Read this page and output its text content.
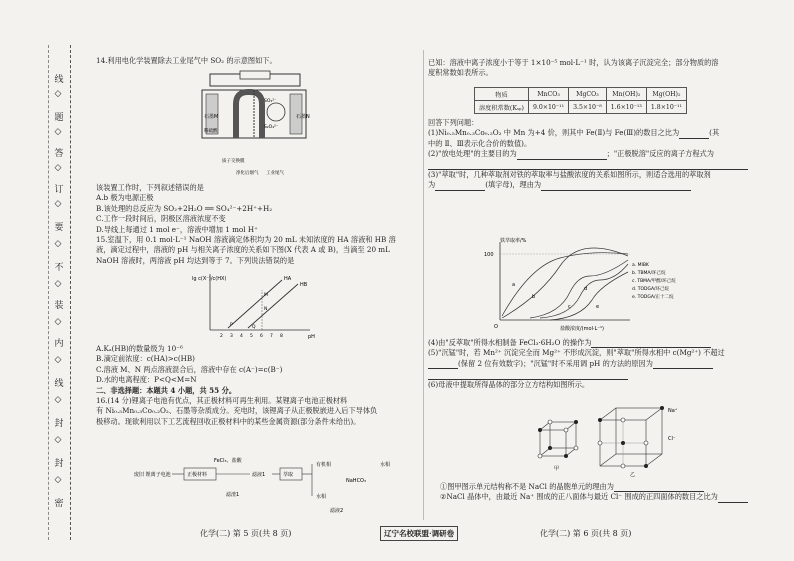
线
◇
题
◇
答
◇
订
◇
要
◇
不
◇
装
◇
内
◇
线
◇
封
◇
封
◇
密

14.利用电化学装置除去工业尾气中 SO₂ 的示意图如下。

石墨M	石墨N
稀硫酸
SO₃²⁻
S₂O₄²⁻
质子交换膜
净化后烟气 工业尾气

该装置工作时，下列叙述错误的是

A.b 极为电源正极

B.该处理的总反应为 SO₂+2H₂O ══ SO₄²⁻+2H⁺+H₂

C.工作一段时间后，阴极区溶液浓度不变

D.导线上每通过 1 mol e⁻，溶液中增加 1 mol H⁺

15.室温下，用 0.1 mol·L⁻¹ NaOH 溶液滴定体积均为 20 mL 未知浓度的 HA 溶液和 HB 溶

液，滴定过程中，溶液的 pH 与相关离子浓度的关系如下图(X 代表 A 或 B)，当滴至 20 mL

NaOH 溶液时，两溶液 pH 均达到等于 7。下列说法错误的是

lg c(X⁻)/c(HX)
pH
2 3 4 5 6 7 8
HA
HB
P	Q
M
N

A.Kₐ(HB)的数量级为 10⁻⁶

B.滴定前浓度：c(HA)>c(HB)

C.溶液 M、N 两点溶液混合后，溶液中存在 c(A⁻)=c(B⁻)

D.水的电离程度：P<Q<M=N

二、非选择题：本题共 4 小题，共 55 分。

16.(14 分)锂离子电池有优点，其正极材料可再生利用。某锂离子电池正极材料

有 Ni₀.₅Mn₀.₃Co₀.₂O₂、石墨等杂质成分。充电时，该锂离子从正极脱嵌进入后下导体负

极移动。现欲利用以下工艺流程回收正极材料中的某些金属资源(部分条件未给出)。

废旧 锂离子电池	正极材料
FeCl₃、盐酸
滤液1	萃取
有机相
水相
水相
NaHCO₃
滤液2
滤渣1
化学(二) 第 5 页(共 8 页)	辽宁名校联盟·调研卷

已知：溶液中离子浓度小于等于 1×10⁻⁵ mol·L⁻¹ 时，认为该离子沉淀完全；部分物质的溶

度积常数如表所示。

物质	MnCO₃	MgCO₃	Mn(OH)₂	Mg(OH)₂
溶度积常数(Kₛₚ)	9.0×10⁻¹¹	3.5×10⁻⁸	1.6×10⁻¹³	1.8×10⁻¹¹

回答下列问题：

(1)Ni₀.₅Mn₀.₃Co₀.₂O₂ 中 Mn 为+4 价，则其中 Fe(Ⅱ)与 Fe(Ⅲ)的数目之比为	(其

中的 Ⅱ、Ⅲ表示化合价的数值)。

(2)"放电处理"的主要目的为	；"正极脱溶"反应的离子方程式为

(3)"萃取"时，几种萃取剂对铁的萃取率与盐酸浓度的关系如图所示，则适合选用的萃取剂

为	(填字母)，理由为

铁萃取率/%
100
O	盐酸浓度/(mol·L⁻¹)
a
b
c
d
e
a. MIBK
b. TBMA/环己烷
c. TBMA/甲醇/环己烷
d. TODGA/环己烷
e. TODGA/正十二烷

(4)由"反萃取"所得水相制备 FeCl₃·6H₂O 的操作为

(5)"沉锰"时，若 Mn²⁺ 沉淀完全而 Mg²⁺ 不形成沉淀，则"萃取"所得水相中 c(Mg²⁺) 不超过

(保留 2 位有效数字)；"沉锰"时不采用调 pH 的方法的原因为

(6)母液中提取所得晶体的部分立方结构如图所示。

甲
乙
Na⁺
Cl⁻

①图甲图示单元结构称不是 NaCl 的晶胞单元的理由为

②NaCl 晶体中，由最近 Na⁺ 围成的正八面体与最近 Cl⁻ 围成的正四面体的数目之比为

化学(二) 第 6 页(共 8 页)
